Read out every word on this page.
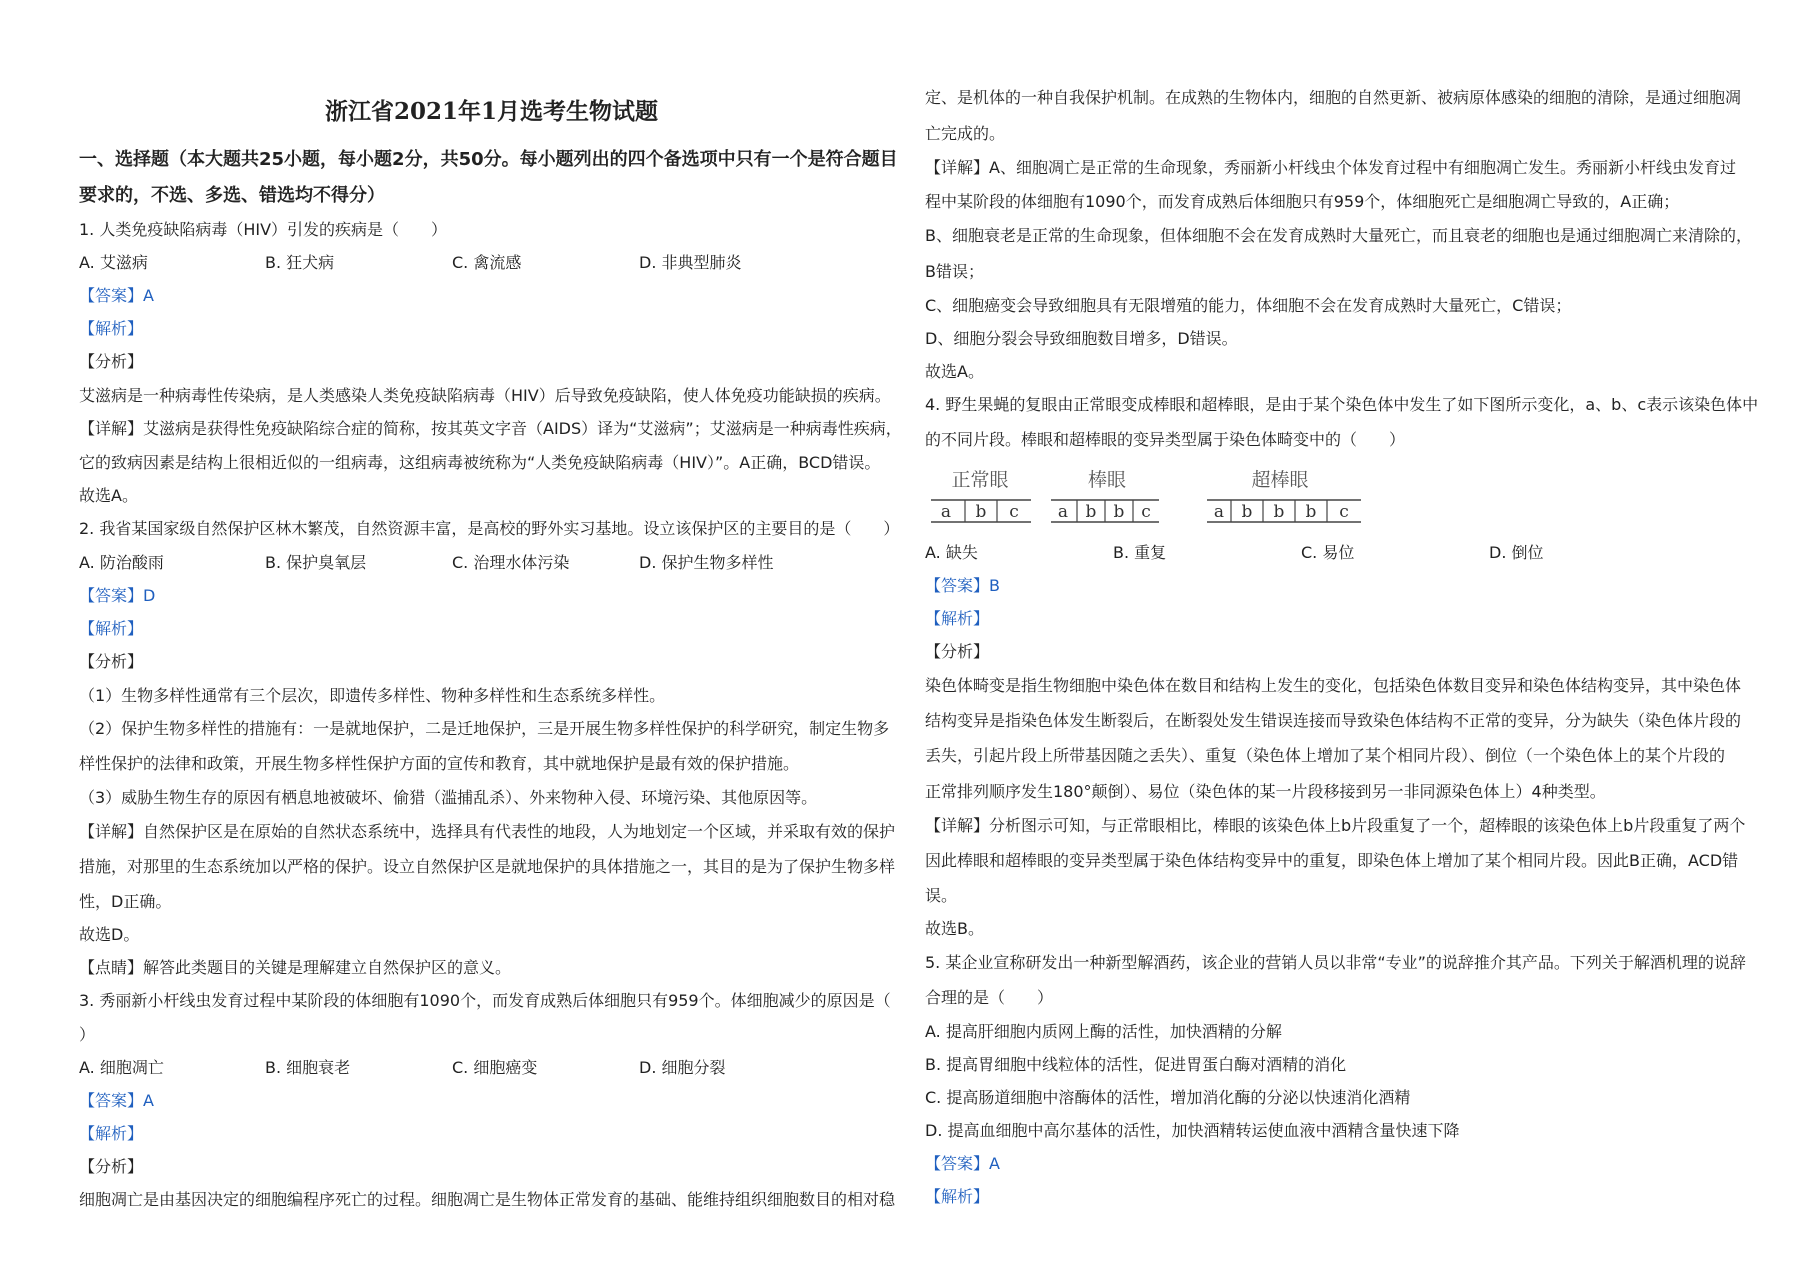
浙江省2021年1月选考生物试题
一、选择题（本大题共25小题，每小题2分，共50分。每小题列出的四个备选项中只有一个是符合题目
要求的，不选、多选、错选均不得分）
1. 人类免疫缺陷病毒（HIV）引发的疾病是（　　）
A. 艾滋病	B. 狂犬病	C. 禽流感	D. 非典型肺炎
【答案】A
【解析】
【分析】
艾滋病是一种病毒性传染病，是人类感染人类免疫缺陷病毒（HIV）后导致免疫缺陷，使人体免疫功能缺损的疾病。
【详解】艾滋病是获得性免疫缺陷综合症的简称，按其英文字音（AIDS）译为“艾滋病”；艾滋病是一种病毒性疾病，
它的致病因素是结构上很相近似的一组病毒，这组病毒被统称为“人类免疫缺陷病毒（HIV）”。A正确，BCD错误。
故选A。
2. 我省某国家级自然保护区林木繁茂，自然资源丰富，是高校的野外实习基地。设立该保护区的主要目的是（　　）
A. 防治酸雨	B. 保护臭氧层	C. 治理水体污染	D. 保护生物多样性
【答案】D
【解析】
【分析】
（1）生物多样性通常有三个层次，即遗传多样性、物种多样性和生态系统多样性。
（2）保护生物多样性的措施有：一是就地保护，二是迁地保护，三是开展生物多样性保护的科学研究，制定生物多
样性保护的法律和政策，开展生物多样性保护方面的宣传和教育，其中就地保护是最有效的保护措施。
（3）威胁生物生存的原因有栖息地被破坏、偷猎（滥捕乱杀）、外来物种入侵、环境污染、其他原因等。
【详解】自然保护区是在原始的自然状态系统中，选择具有代表性的地段，人为地划定一个区域，并采取有效的保护
措施，对那里的生态系统加以严格的保护。设立自然保护区是就地保护的具体措施之一，其目的是为了保护生物多样
性，D正确。
故选D。
【点睛】解答此类题目的关键是理解建立自然保护区的意义。
3. 秀丽新小杆线虫发育过程中某阶段的体细胞有1090个，而发育成熟后体细胞只有959个。体细胞减少的原因是（
）
A. 细胞凋亡	B. 细胞衰老	C. 细胞癌变	D. 细胞分裂
【答案】A
【解析】
【分析】
细胞凋亡是由基因决定的细胞编程序死亡的过程。细胞凋亡是生物体正常发育的基础、能维持组织细胞数目的相对稳
定、是机体的一种自我保护机制。在成熟的生物体内，细胞的自然更新、被病原体感染的细胞的清除，是通过细胞凋
亡完成的。
【详解】A、细胞凋亡是正常的生命现象，秀丽新小杆线虫个体发育过程中有细胞凋亡发生。秀丽新小杆线虫发育过
程中某阶段的体细胞有1090个，而发育成熟后体细胞只有959个，体细胞死亡是细胞凋亡导致的，A正确；
B、细胞衰老是正常的生命现象，但体细胞不会在发育成熟时大量死亡，而且衰老的细胞也是通过细胞凋亡来清除的，
B错误；
C、细胞癌变会导致细胞具有无限增殖的能力，体细胞不会在发育成熟时大量死亡，C错误；
D、细胞分裂会导致细胞数目增多，D错误。
故选A。
4. 野生果蝇的复眼由正常眼变成棒眼和超棒眼，是由于某个染色体中发生了如下图所示变化，a、b、c表示该染色体中
的不同片段。棒眼和超棒眼的变异类型属于染色体畸变中的（　　）
正常眼
a b c
棒眼
a b b c
超棒眼
a b b b c
A. 缺失	B. 重复	C. 易位	D. 倒位
【答案】B
【解析】
【分析】
染色体畸变是指生物细胞中染色体在数目和结构上发生的变化，包括染色体数目变异和染色体结构变异，其中染色体
结构变异是指染色体发生断裂后，在断裂处发生错误连接而导致染色体结构不正常的变异，分为缺失（染色体片段的
丢失，引起片段上所带基因随之丢失）、重复（染色体上增加了某个相同片段）、倒位（一个染色体上的某个片段的
正常排列顺序发生180°颠倒）、易位（染色体的某一片段移接到另一非同源染色体上）4种类型。
【详解】分析图示可知，与正常眼相比，棒眼的该染色体上b片段重复了一个，超棒眼的该染色体上b片段重复了两个
因此棒眼和超棒眼的变异类型属于染色体结构变异中的重复，即染色体上增加了某个相同片段。因此B正确，ACD错
误。
故选B。
5. 某企业宣称研发出一种新型解酒药，该企业的营销人员以非常“专业”的说辞推介其产品。下列关于解酒机理的说辞
合理的是（　　）
A. 提高肝细胞内质网上酶的活性，加快酒精的分解
B. 提高胃细胞中线粒体的活性，促进胃蛋白酶对酒精的消化
C. 提高肠道细胞中溶酶体的活性，增加消化酶的分泌以快速消化酒精
D. 提高血细胞中高尔基体的活性，加快酒精转运使血液中酒精含量快速下降
【答案】A
【解析】
